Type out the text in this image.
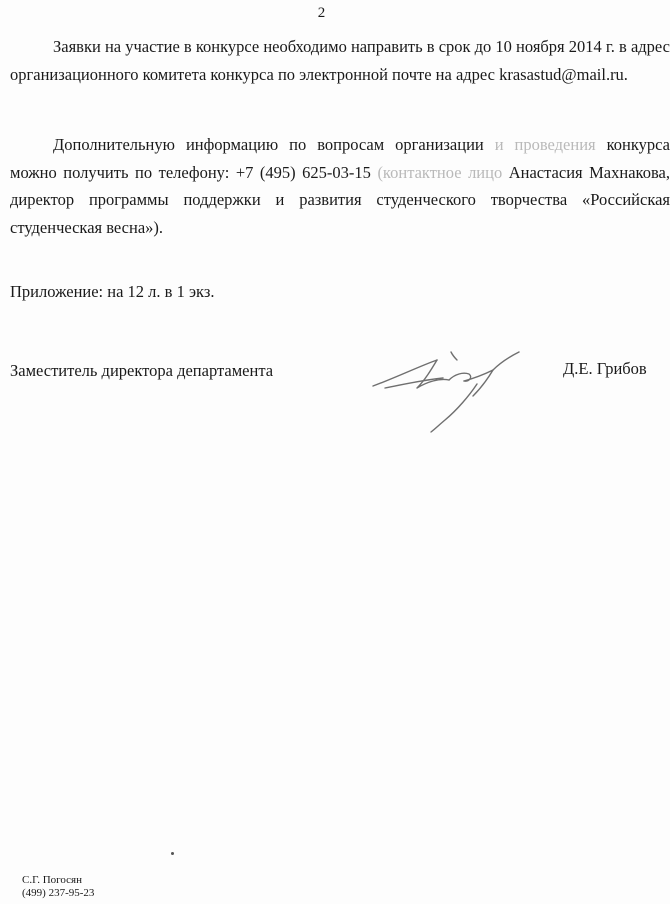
2

Заявки на участие в конкурсе необходимо направить в срок до 10 ноября 2014 г. в адрес организационного комитета конкурса по электронной почте на адрес krasastud@mail.ru.

Дополнительную информацию по вопросам организации и проведения конкурса можно получить по телефону: +7 (495) 625-03-15 (контактное лицо Анастасия Махнакова, директор программы поддержки и развития студенческого творчества «Российская студенческая весна»).

Приложение: на 12 л. в 1 экз.

Заместитель директора департамента	Д.Е. Грибов

С.Г. Погосян
(499) 237-95-23
